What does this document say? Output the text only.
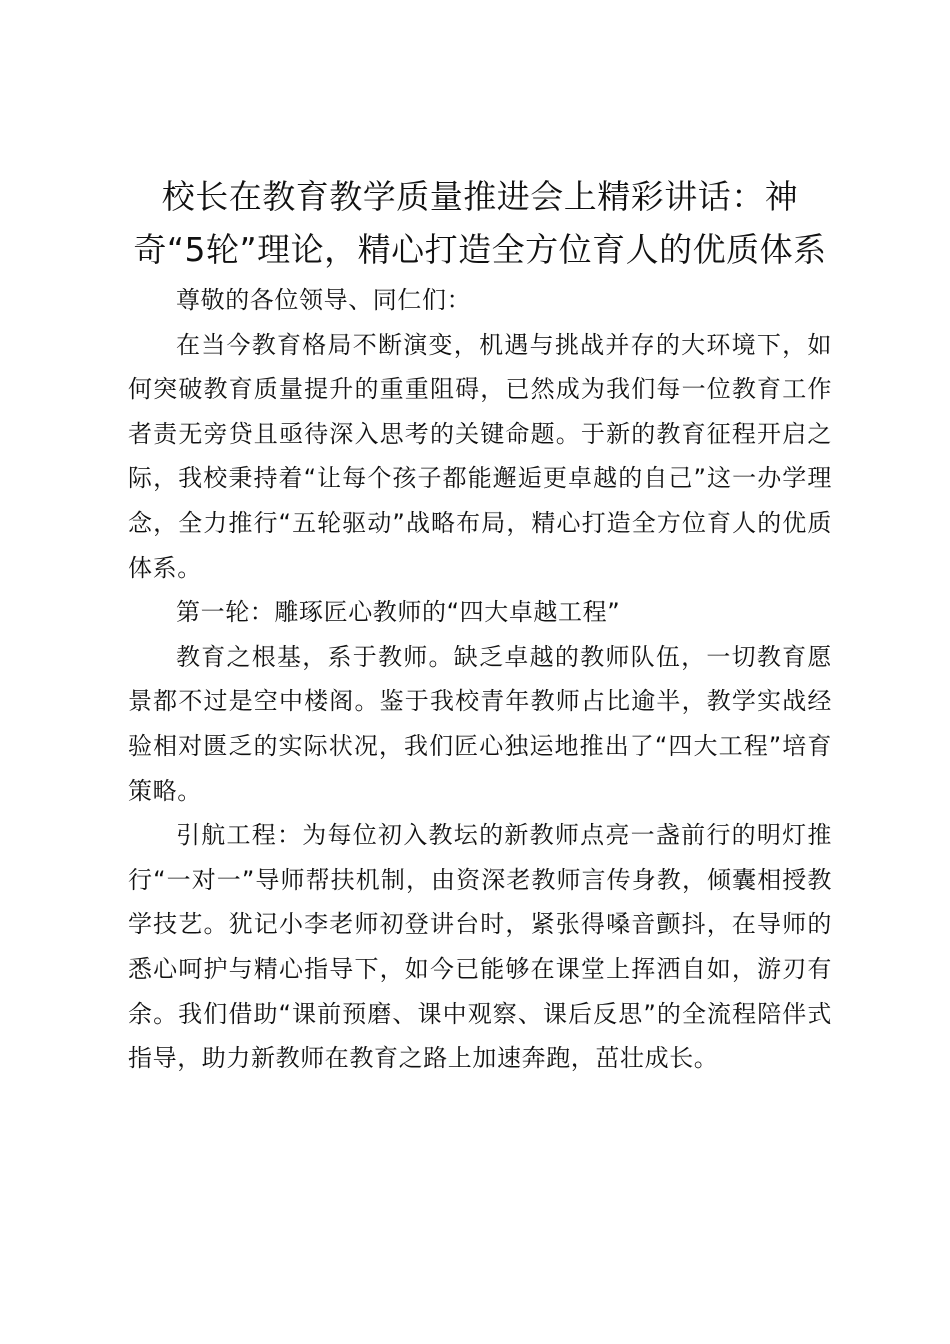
校长在教育教学质量推进会上精彩讲话：神奇“5轮”理论，精心打造全方位育人的优质体系

尊敬的各位领导、同仁们：

在当今教育格局不断演变，机遇与挑战并存的大环境下，如何突破教育质量提升的重重阻碍，已然成为我们每一位教育工作者责无旁贷且亟待深入思考的关键命题。于新的教育征程开启之际，我校秉持着“让每个孩子都能邂逅更卓越的自己”这一办学理念，全力推行“五轮驱动”战略布局，精心打造全方位育人的优质体系。

第一轮：雕琢匠心教师的“四大卓越工程”

教育之根基，系于教师。缺乏卓越的教师队伍，一切教育愿景都不过是空中楼阁。鉴于我校青年教师占比逾半，教学实战经验相对匮乏的实际状况，我们匠心独运地推出了“四大工程”培育策略。

引航工程：为每位初入教坛的新教师点亮一盏前行的明灯推行“一对一”导师帮扶机制，由资深老教师言传身教，倾囊相授教学技艺。犹记小李老师初登讲台时，紧张得嗓音颤抖，在导师的悉心呵护与精心指导下，如今已能够在课堂上挥洒自如，游刃有余。我们借助“课前预磨、课中观察、课后反思”的全流程陪伴式指导，助力新教师在教育之路上加速奔跑，茁壮成长。
